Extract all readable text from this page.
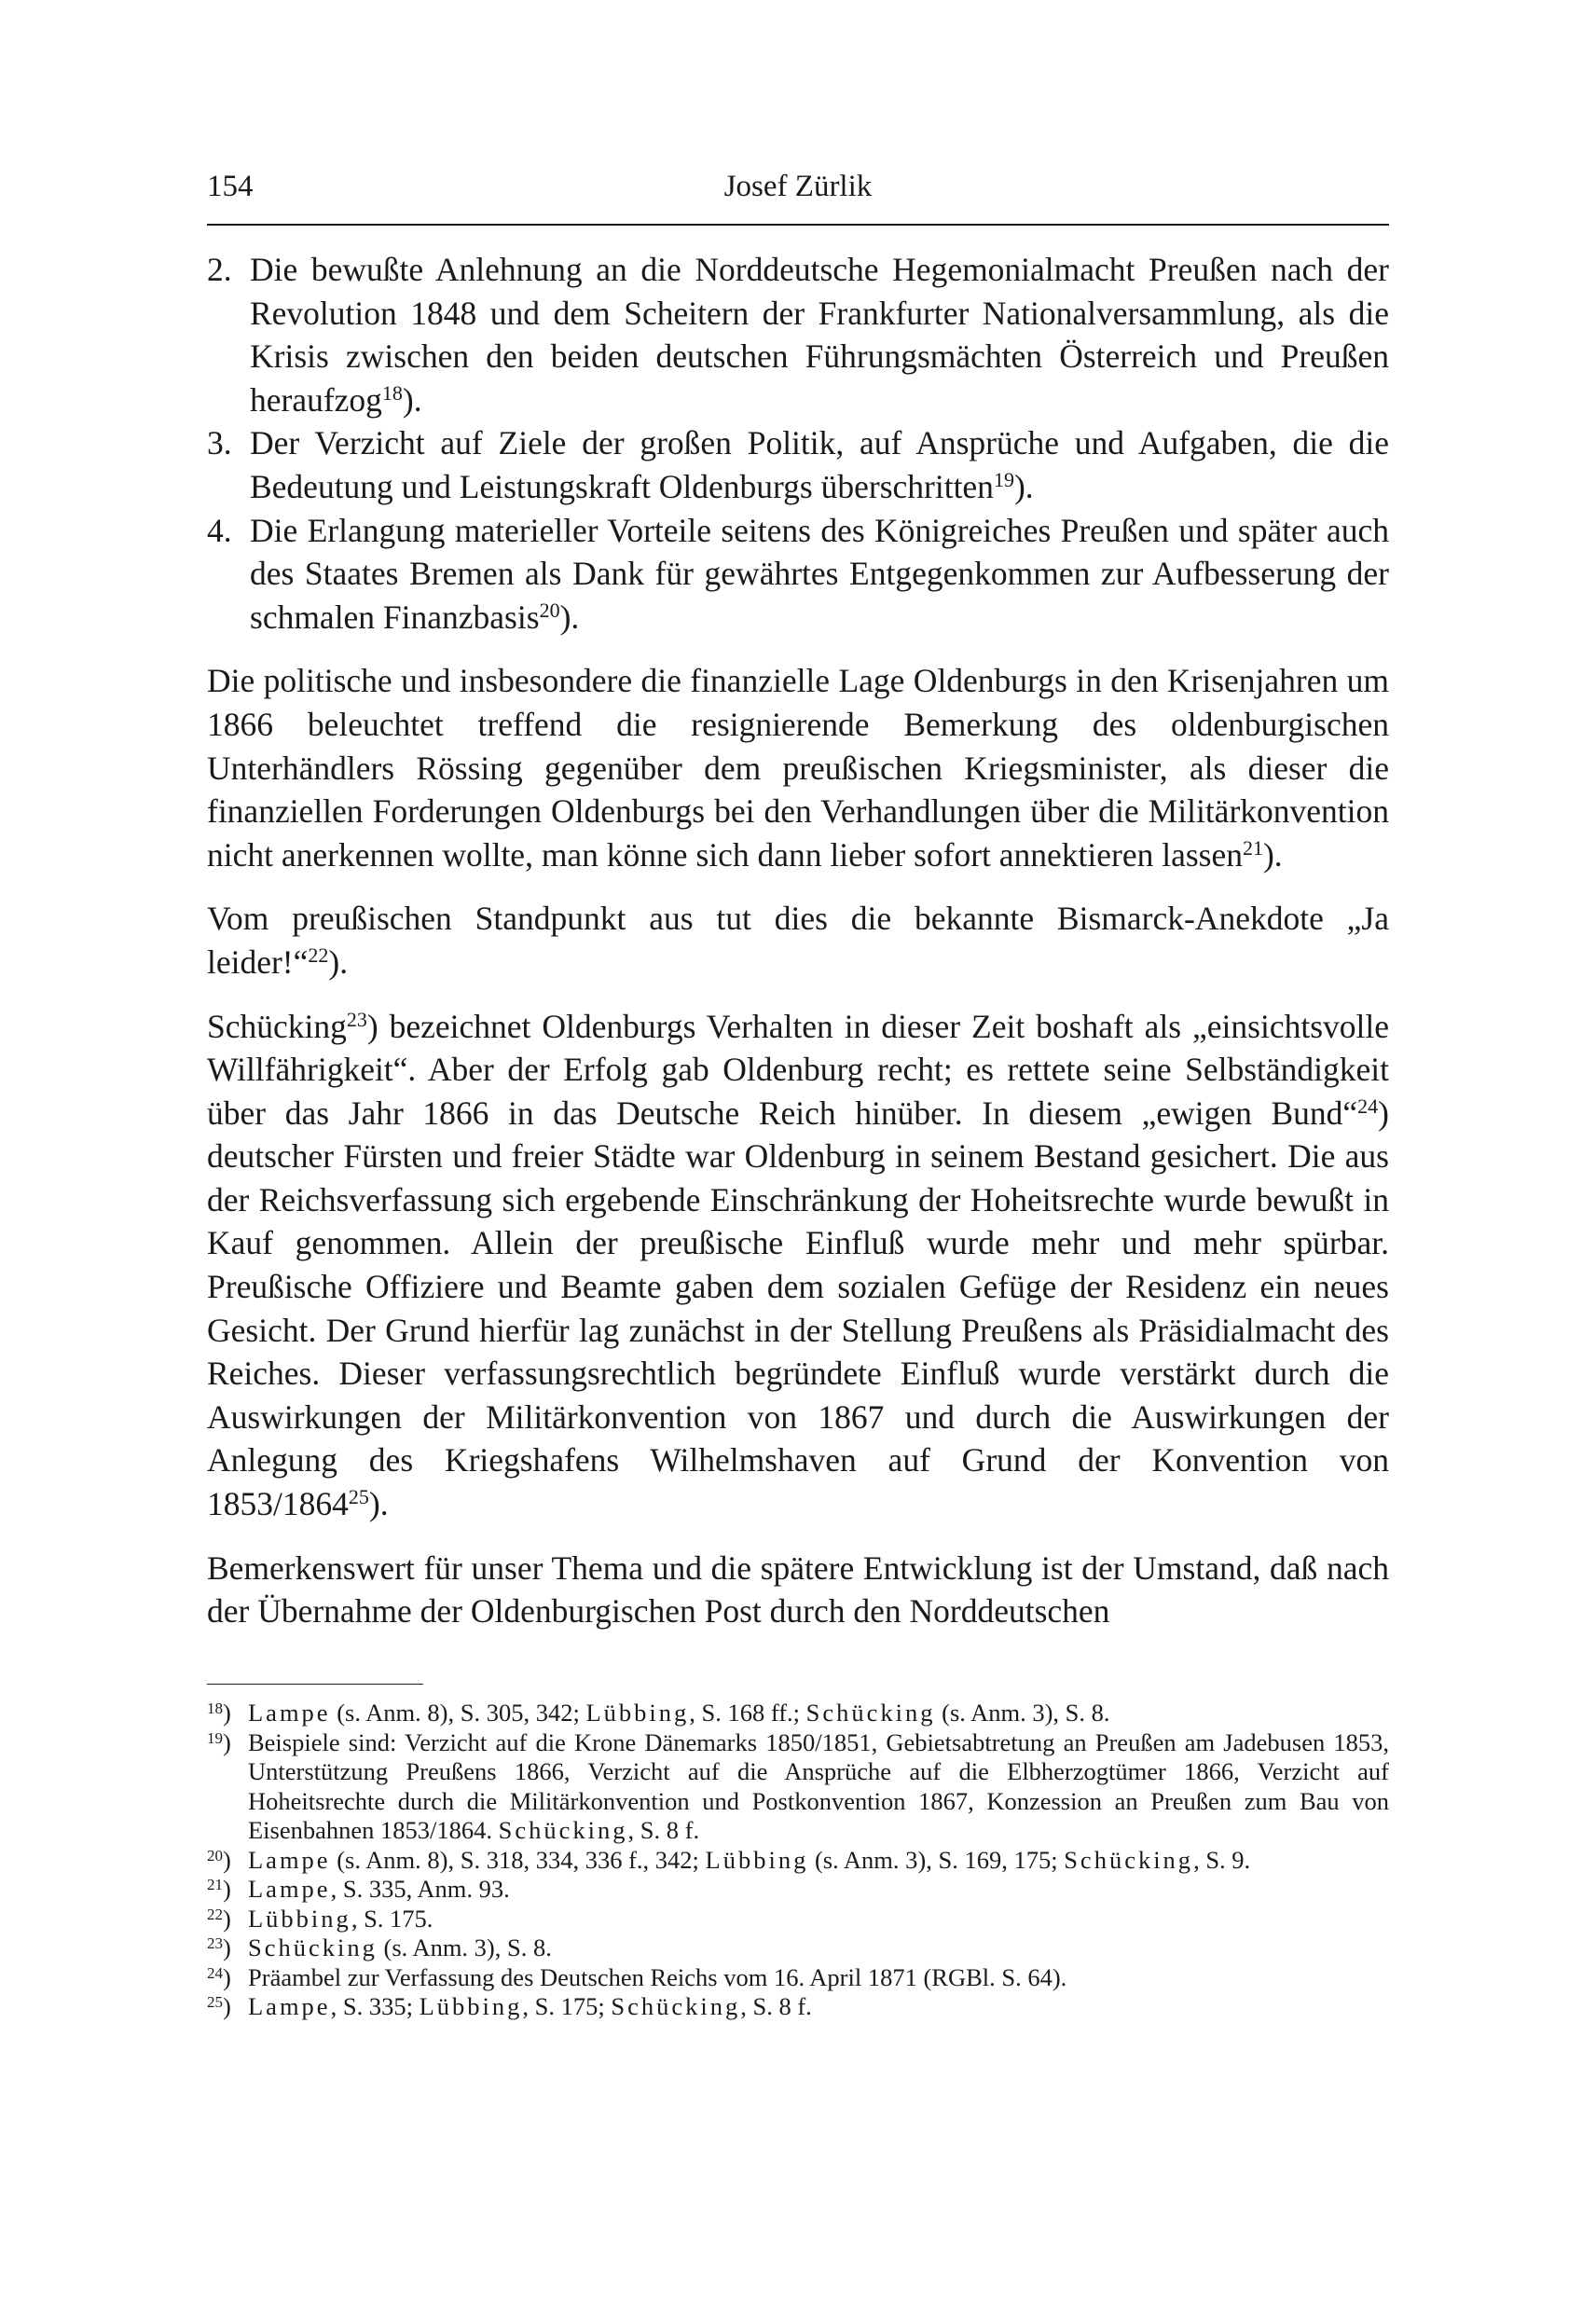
154	Josef Zürlik
2. Die bewußte Anlehnung an die Norddeutsche Hegemonialmacht Preußen nach der Revolution 1848 und dem Scheitern der Frankfurter Nationalversammlung, als die Krisis zwischen den beiden deutschen Führungsmächten Österreich und Preußen heraufzog$^{18}$).
3. Der Verzicht auf Ziele der großen Politik, auf Ansprüche und Aufgaben, die die Bedeutung und Leistungskraft Oldenburgs überschritten$^{19}$).
4. Die Erlangung materieller Vorteile seitens des Königreiches Preußen und später auch des Staates Bremen als Dank für gewährtes Entgegenkommen zur Aufbesserung der schmalen Finanzbasis$^{20}$).

Die politische und insbesondere die finanzielle Lage Oldenburgs in den Krisenjahren um 1866 beleuchtet treffend die resignierende Bemerkung des oldenburgischen Unterhändlers Rössing gegenüber dem preußischen Kriegsminister, als dieser die finanziellen Forderungen Oldenburgs bei den Verhandlungen über die Militärkonvention nicht anerkennen wollte, man könne sich dann lieber sofort annektieren lassen$^{21}$).

Vom preußischen Standpunkt aus tut dies die bekannte Bismarck-Anekdote „Ja leider!“$^{22}$).

Schücking$^{23}$) bezeichnet Oldenburgs Verhalten in dieser Zeit boshaft als „einsichtsvolle Willfährigkeit“. Aber der Erfolg gab Oldenburg recht; es rettete seine Selbständigkeit über das Jahr 1866 in das Deutsche Reich hinüber. In diesem „ewigen Bund“$^{24}$) deutscher Fürsten und freier Städte war Oldenburg in seinem Bestand gesichert. Die aus der Reichsverfassung sich ergebende Einschränkung der Hoheitsrechte wurde bewußt in Kauf genommen. Allein der preußische Einfluß wurde mehr und mehr spürbar. Preußische Offiziere und Beamte gaben dem sozialen Gefüge der Residenz ein neues Gesicht. Der Grund hierfür lag zunächst in der Stellung Preußens als Präsidialmacht des Reiches. Dieser verfassungsrechtlich begründete Einfluß wurde verstärkt durch die Auswirkungen der Militärkonvention von 1867 und durch die Auswirkungen der Anlegung des Kriegshafens Wilhelmshaven auf Grund der Konvention von 1853/1864$^{25}$).

Bemerkenswert für unser Thema und die spätere Entwicklung ist der Umstand, daß nach der Übernahme der Oldenburgischen Post durch den Norddeutschen

$^{18}$) Lampe (s. Anm. 8), S. 305, 342; Lübbing, S. 168 ff.; Schücking (s. Anm. 3), S. 8.
$^{19}$) Beispiele sind: Verzicht auf die Krone Dänemarks 1850/1851, Gebietsabtretung an Preußen am Jadebusen 1853, Unterstützung Preußens 1866, Verzicht auf die Ansprüche auf die Elbherzogtümer 1866, Verzicht auf Hoheitsrechte durch die Militärkonvention und Postkonvention 1867, Konzession an Preußen zum Bau von Eisenbahnen 1853/1864. Schücking, S. 8 f.
$^{20}$) Lampe (s. Anm. 8), S. 318, 334, 336 f., 342; Lübbing (s. Anm. 3), S. 169, 175; Schücking, S. 9.
$^{21}$) Lampe, S. 335, Anm. 93.
$^{22}$) Lübbing, S. 175.
$^{23}$) Schücking (s. Anm. 3), S. 8.
$^{24}$) Präambel zur Verfassung des Deutschen Reichs vom 16. April 1871 (RGBl. S. 64).
$^{25}$) Lampe, S. 335; Lübbing, S. 175; Schücking, S. 8 f.
